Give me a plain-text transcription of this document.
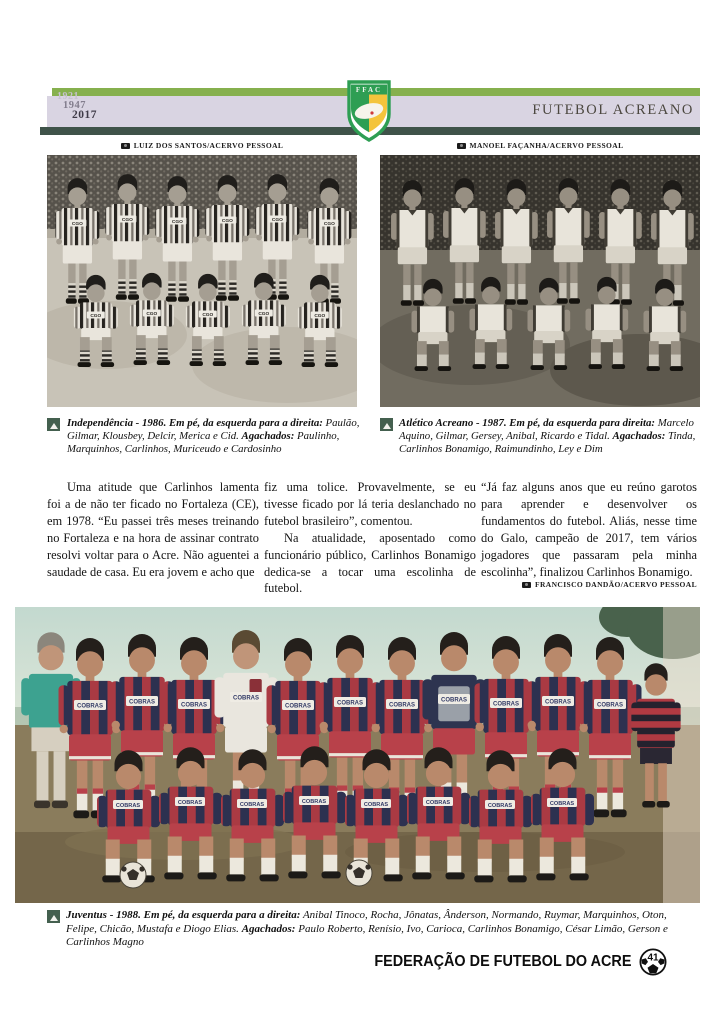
1921
1947
2017	FUTEBOL ACREANO
FFAC
LUIZ DOS SANTOS/ACERVO PESSOAL	MANOEL FAÇANHA/ACERVO PESSOAL
CGO
CGO	CGO	CGO	CGO
CGO
CGO	CGO	CGO	CGO	CGO
Independência - 1986. Em pé, da esquerda para a direita: Paulão, Gilmar, Klousbey, Delcir, Merica e Cid. Agachados: Paulinho, Marquinhos, Carlinhos, Muriceudo e Cardosinho
Atlético Acreano - 1987. Em pé, da esquerda para direita: Marcelo Aquino, Gilmar, Gersey, Anibal, Ricardo e Tidal. Agachados: Tinda, Carlinhos Bonamigo, Raimundinho, Ley e Dim

Uma atitude que Carlinhos lamenta foi a de não ter ficado no Fortaleza (CE), em 1978. “Eu passei três meses treinando no Fortaleza e na hora de assinar contrato resolvi voltar para o Acre. Não aguentei a saudade de casa. Eu era jovem e acho que

fiz uma tolice. Provavelmente, se eu tivesse ficado por lá teria deslanchado no futebol brasileiro”, comentou.

Na atualidade, aposentado como funcionário público, Carlinhos Bonamigo dedica-se a tocar uma escolinha de futebol.

“Já faz alguns anos que eu reúno garotos para aprender e desenvolver os fundamentos do futebol. Aliás, nesse time do Galo, campeão de 2017, tem vários jogadores que passaram pela minha escolinha”, finalizou Carlinhos Bonamigo.

FRANCISCO DANDÃO/ACERVO PESSOAL
COBRAS
COBRAS	COBRAS
COBRAS
COBRAS	COBRAS	COBRAS
COBRAS
COBRAS	COBRAS	COBRAS
COBRAS	COBRAS	COBRAS	COBRAS	COBRAS	COBRAS	COBRAS	COBRAS
Juventus - 1988. Em pé, da esquerda para a direita: Anibal Tinoco, Rocha, Jônatas, Ânderson, Normando, Ruymar, Marquinhos, Oton, Felipe, Chicão, Mustafa e Diogo Elias. Agachados: Paulo Roberto, Renísio, Ivo, Carioca, Carlinhos Bonamigo, César Limão, Gerson e Carlinhos Magno
FEDERAÇÃO DE FUTEBOL DO ACRE 41
